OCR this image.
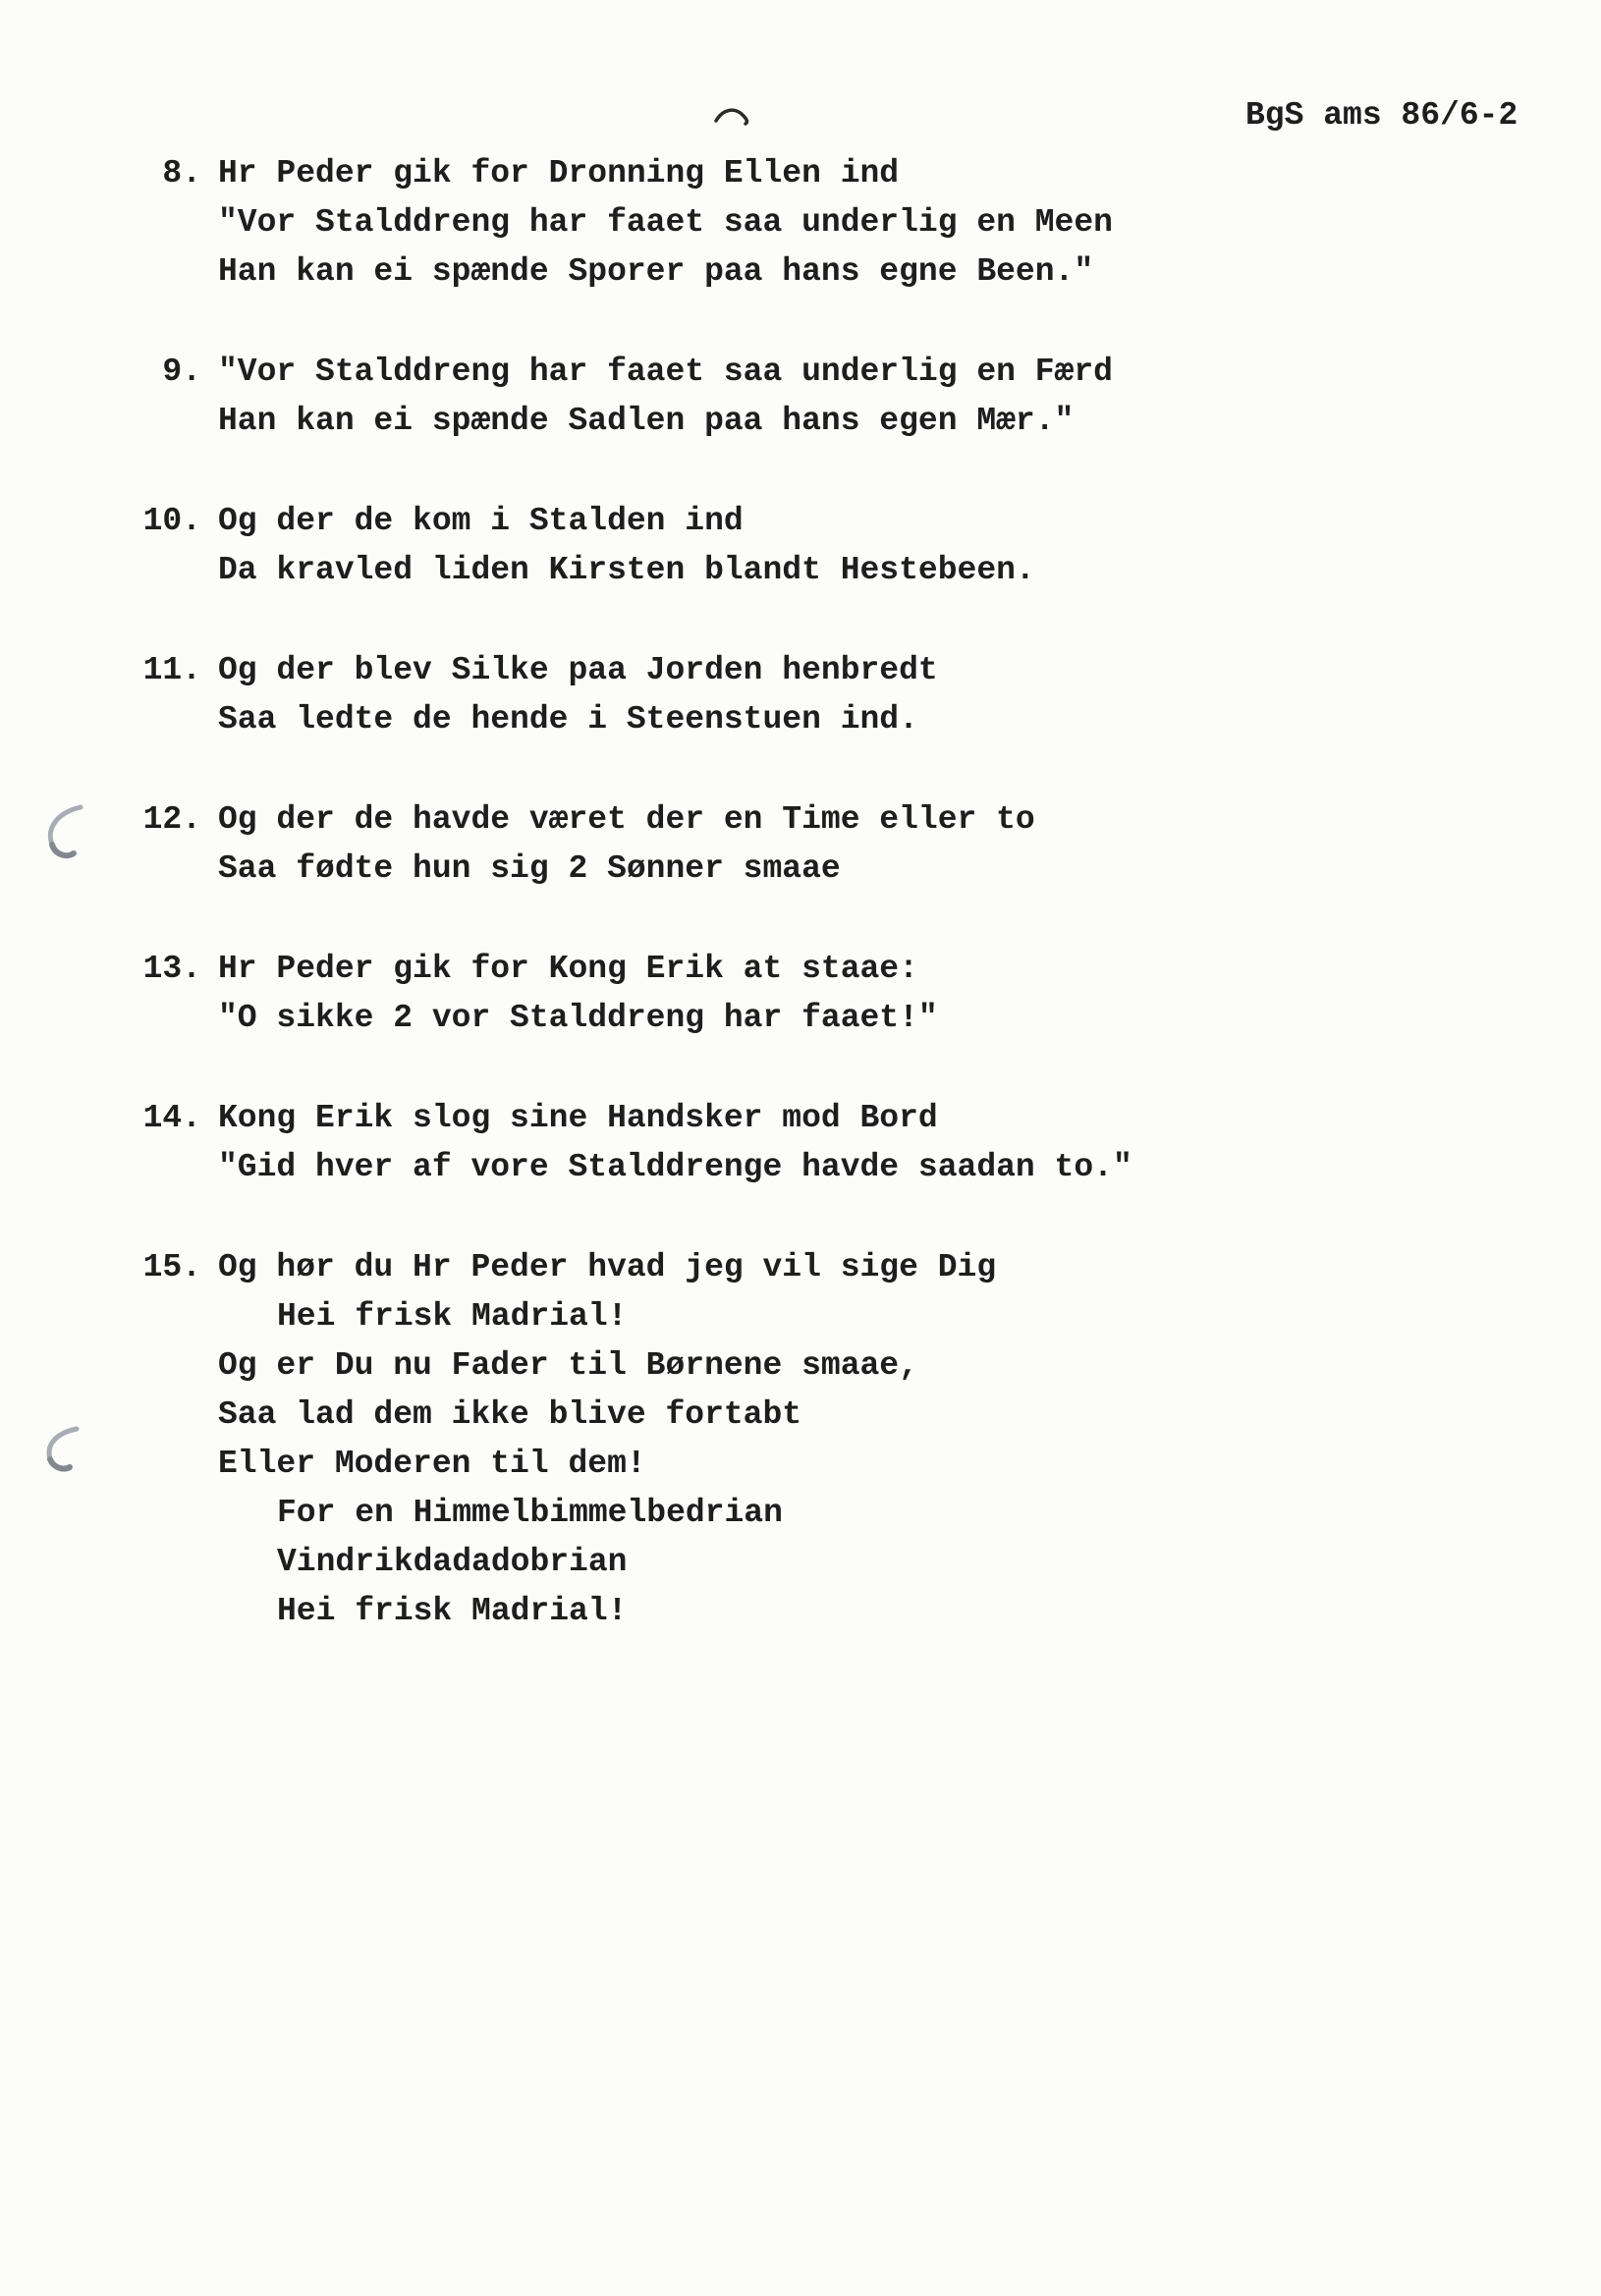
BgS ams 86/6-2
8. Hr Peder gik for Dronning Ellen ind
"Vor Stalddreng har faaet saa underlig en Meen
Han kan ei spænde Sporer paa hans egne Been."
9. "Vor Stalddreng har faaet saa underlig en Færd
Han kan ei spænde Sadlen paa hans egen Mær."
10. Og der de kom i Stalden ind
Da kravled liden Kirsten blandt Hestebeen.
11. Og der blev Silke paa Jorden henbredt
Saa ledte de hende i Steenstuen ind.
12. Og der de havde været der en Time eller to
Saa fødte hun sig 2 Sønner smaae
13. Hr Peder gik for Kong Erik at staae:
"O sikke 2 vor Stalddreng har faaet!"
14. Kong Erik slog sine Handsker mod Bord
"Gid hver af vore Stalddrenge havde saadan to."
15. Og hør du Hr Peder hvad jeg vil sige Dig
Hei frisk Madrial!
Og er Du nu Fader til Børnene smaae,
Saa lad dem ikke blive fortabt
Eller Moderen til dem!
For en Himmelbimmelbedrian
Vindrikdadadobrian
Hei frisk Madrial!
